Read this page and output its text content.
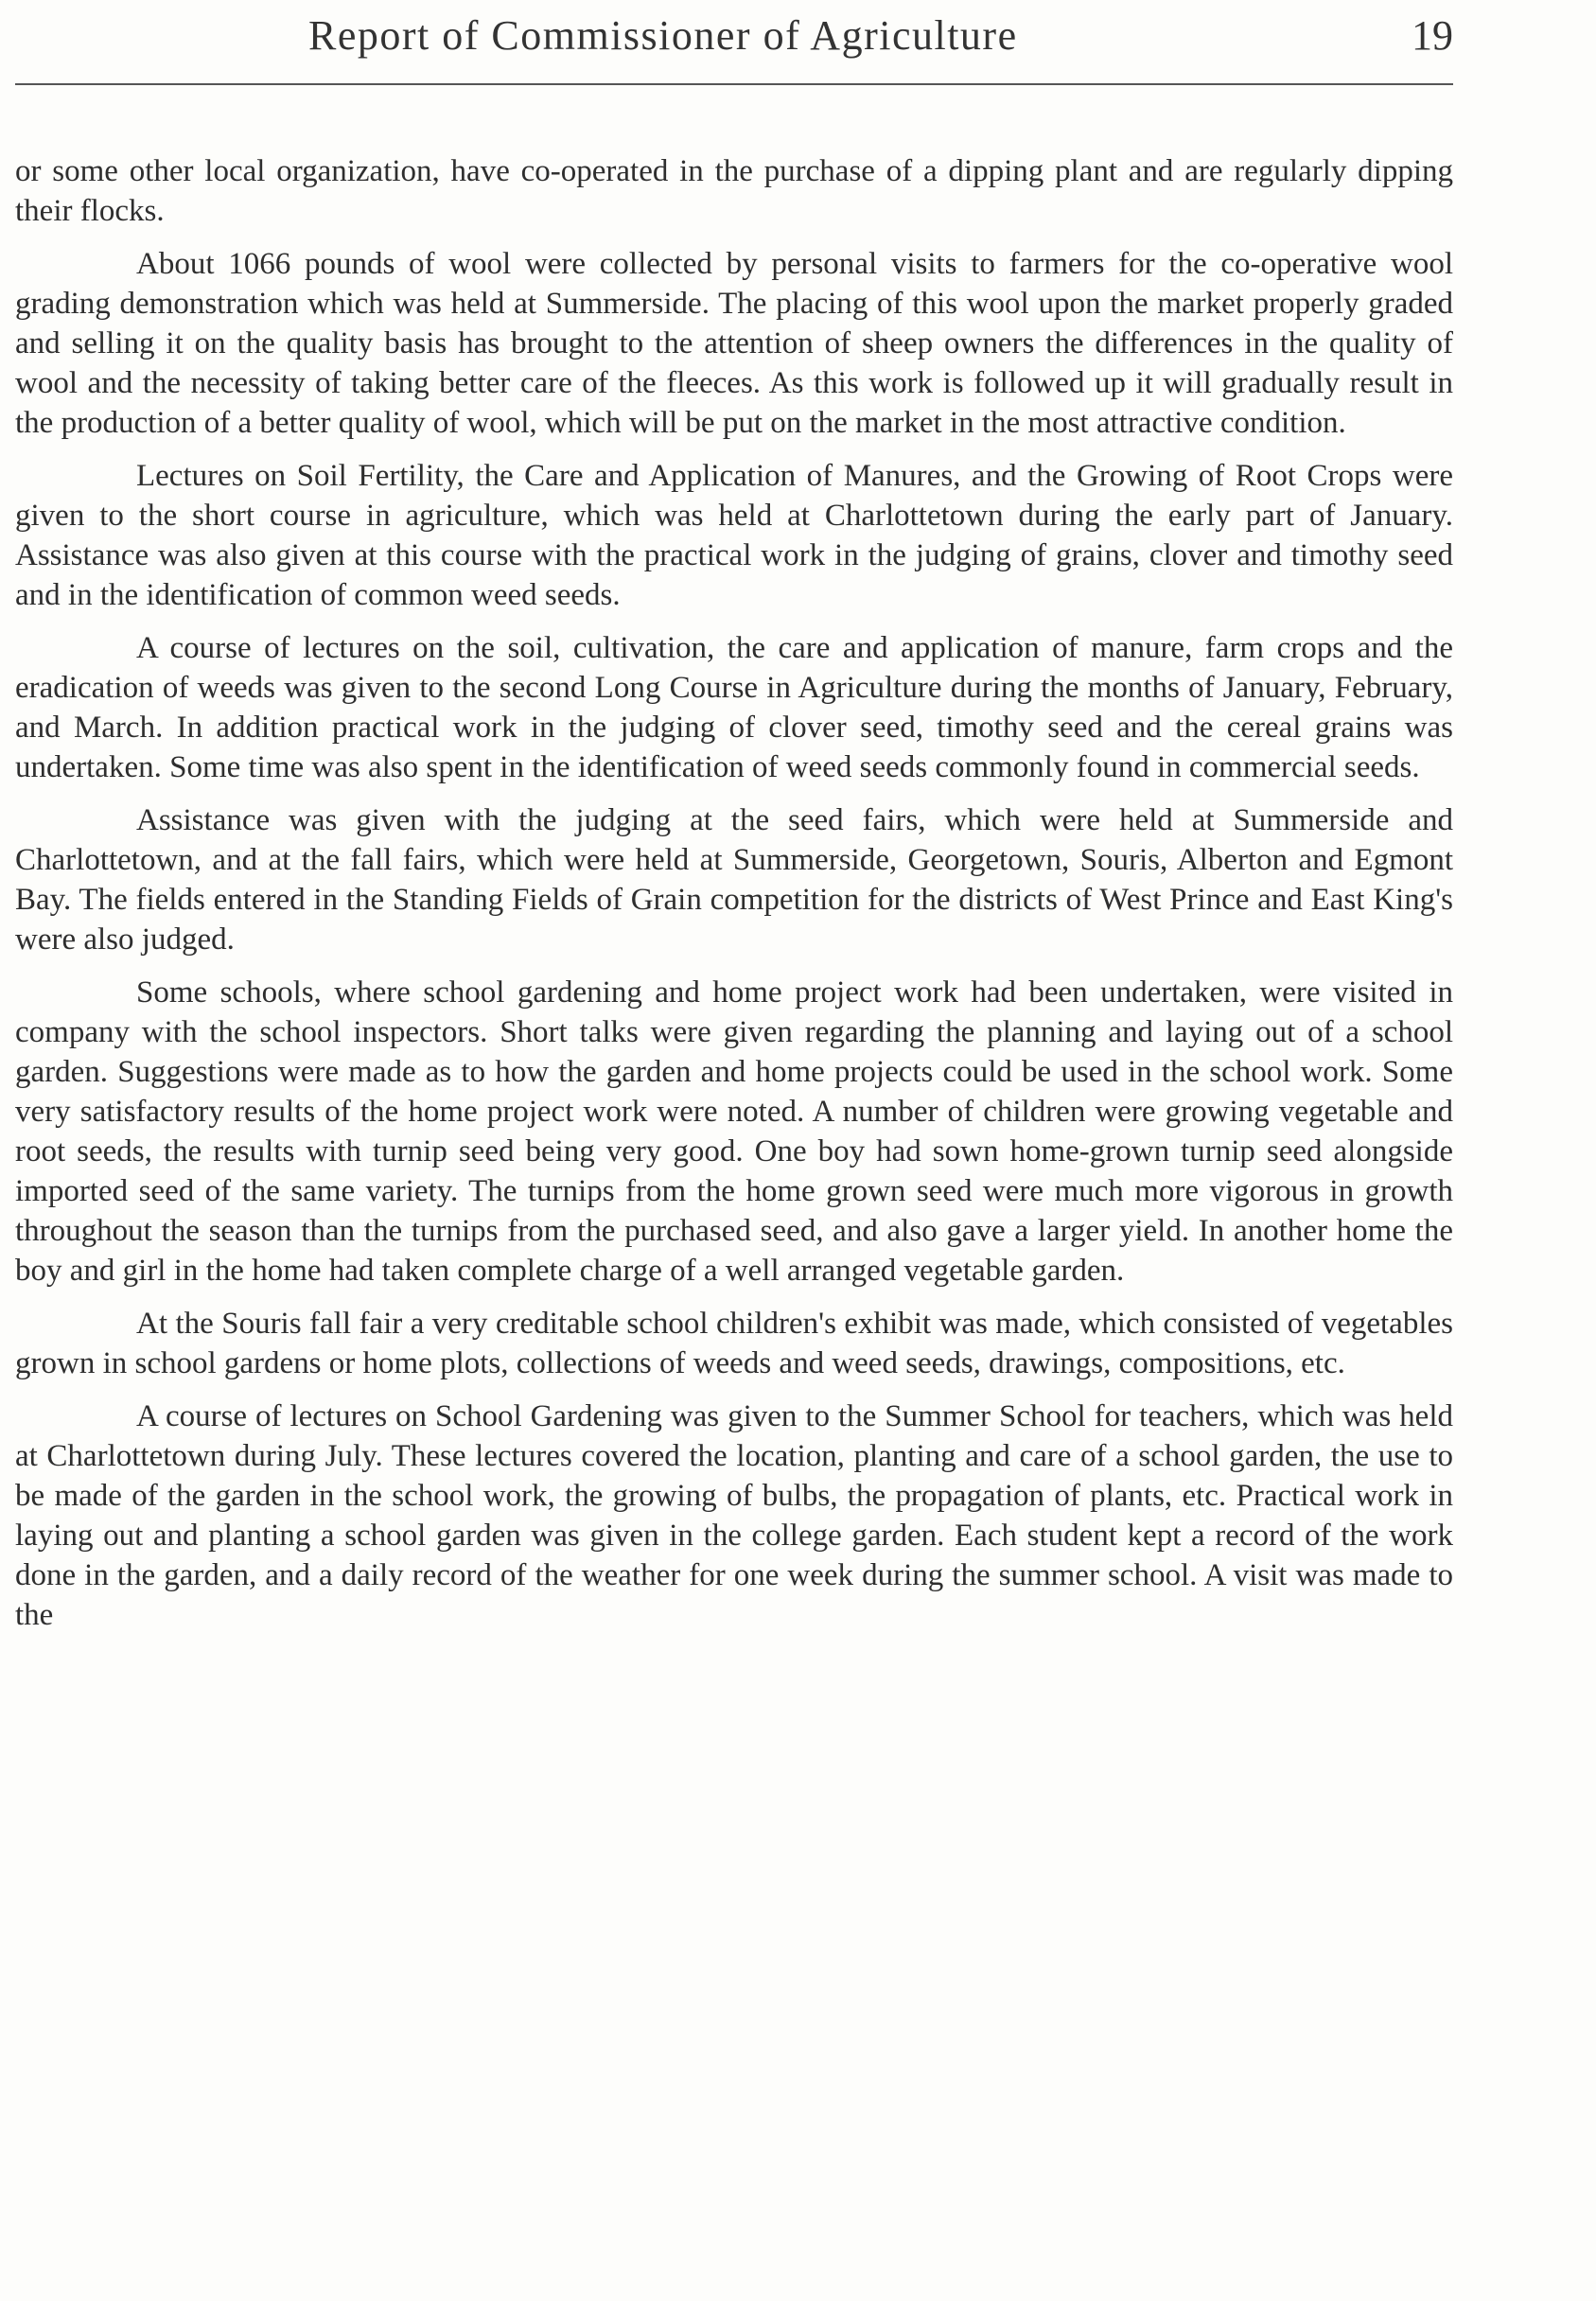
Report of Commissioner of Agriculture	19

or some other local organization, have co-operated in the purchase of a dipping plant and are regularly dipping their flocks.

About 1066 pounds of wool were collected by personal visits to farmers for the co-operative wool grading demonstration which was held at Summerside. The placing of this wool upon the market properly graded and selling it on the quality basis has brought to the attention of sheep owners the differences in the quality of wool and the necessity of taking better care of the fleeces. As this work is followed up it will gradually result in the production of a better quality of wool, which will be put on the market in the most attractive condition.

Lectures on Soil Fertility, the Care and Application of Manures, and the Growing of Root Crops were given to the short course in agriculture, which was held at Charlottetown during the early part of January. Assistance was also given at this course with the practical work in the judging of grains, clover and timothy seed and in the identification of common weed seeds.

A course of lectures on the soil, cultivation, the care and application of manure, farm crops and the eradication of weeds was given to the second Long Course in Agriculture during the months of January, February, and March. In addition practical work in the judging of clover seed, timothy seed and the cereal grains was undertaken. Some time was also spent in the identification of weed seeds commonly found in commercial seeds.

Assistance was given with the judging at the seed fairs, which were held at Summerside and Charlottetown, and at the fall fairs, which were held at Summerside, Georgetown, Souris, Alberton and Egmont Bay. The fields entered in the Standing Fields of Grain competition for the districts of West Prince and East King's were also judged.

Some schools, where school gardening and home project work had been undertaken, were visited in company with the school inspectors. Short talks were given regarding the planning and laying out of a school garden. Suggestions were made as to how the garden and home projects could be used in the school work. Some very satisfactory results of the home project work were noted. A number of children were growing vegetable and root seeds, the results with turnip seed being very good. One boy had sown home-grown turnip seed alongside imported seed of the same variety. The turnips from the home grown seed were much more vigorous in growth throughout the season than the turnips from the purchased seed, and also gave a larger yield. In another home the boy and girl in the home had taken complete charge of a well arranged vegetable garden.

At the Souris fall fair a very creditable school children's exhibit was made, which consisted of vegetables grown in school gardens or home plots, collections of weeds and weed seeds, drawings, compositions, etc.

A course of lectures on School Gardening was given to the Summer School for teachers, which was held at Charlottetown during July. These lectures covered the location, planting and care of a school garden, the use to be made of the garden in the school work, the growing of bulbs, the propagation of plants, etc. Practical work in laying out and planting a school garden was given in the college garden. Each student kept a record of the work done in the garden, and a daily record of the weather for one week during the summer school. A visit was made to the
